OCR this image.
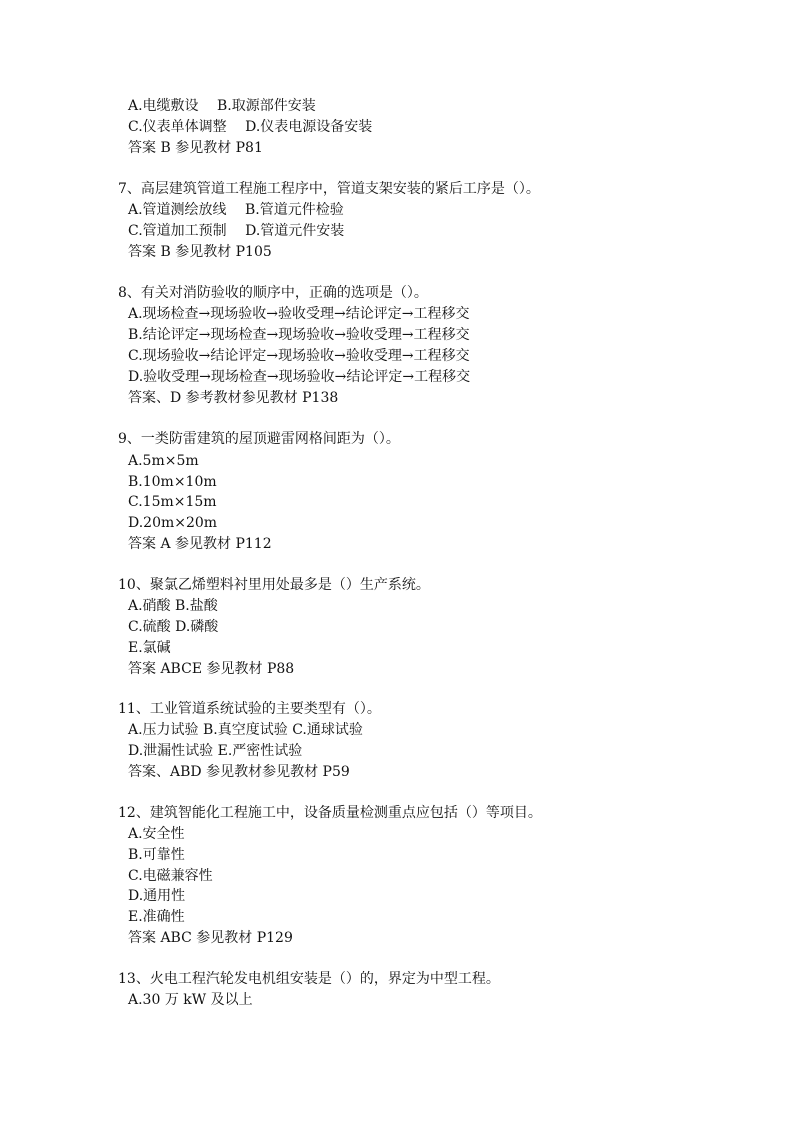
A.电缆敷设　 B.取源部件安装
C.仪表单体调整　 D.仪表电源设备安装
答案 B 参见教材 P81
7、高层建筑管道工程施工程序中，管道支架安装的紧后工序是（）。
A.管道测绘放线　 B.管道元件检验
C.管道加工预制　 D.管道元件安装
答案 B 参见教材 P105
8、有关对消防验收的顺序中，正确的选项是（）。
A.现场检查→现场验收→验收受理→结论评定→工程移交
B.结论评定→现场检查→现场验收→验收受理→工程移交
C.现场验收→结论评定→现场验收→验收受理→工程移交
D.验收受理→现场检查→现场验收→结论评定→工程移交
答案、D 参考教材参见教材 P138
9、一类防雷建筑的屋顶避雷网格间距为（）。
A.5m×5m
B.10m×10m
C.15m×15m
D.20m×20m
答案 A 参见教材 P112
10、聚氯乙烯塑料衬里用处最多是（）生产系统。
A.硝酸 B.盐酸
C.硫酸 D.磷酸
E.氯碱
答案 ABCE 参见教材 P88
11、工业管道系统试验的主要类型有（）。
A.压力试验 B.真空度试验 C.通球试验
D.泄漏性试验 E.严密性试验
答案、ABD 参见教材参见教材 P59
12、建筑智能化工程施工中，设备质量检测重点应包括（）等项目。
A.安全性
B.可靠性
C.电磁兼容性
D.通用性
E.准确性
答案 ABC 参见教材 P129
13、火电工程汽轮发电机组安装是（）的，界定为中型工程。
A.30 万 kW 及以上
